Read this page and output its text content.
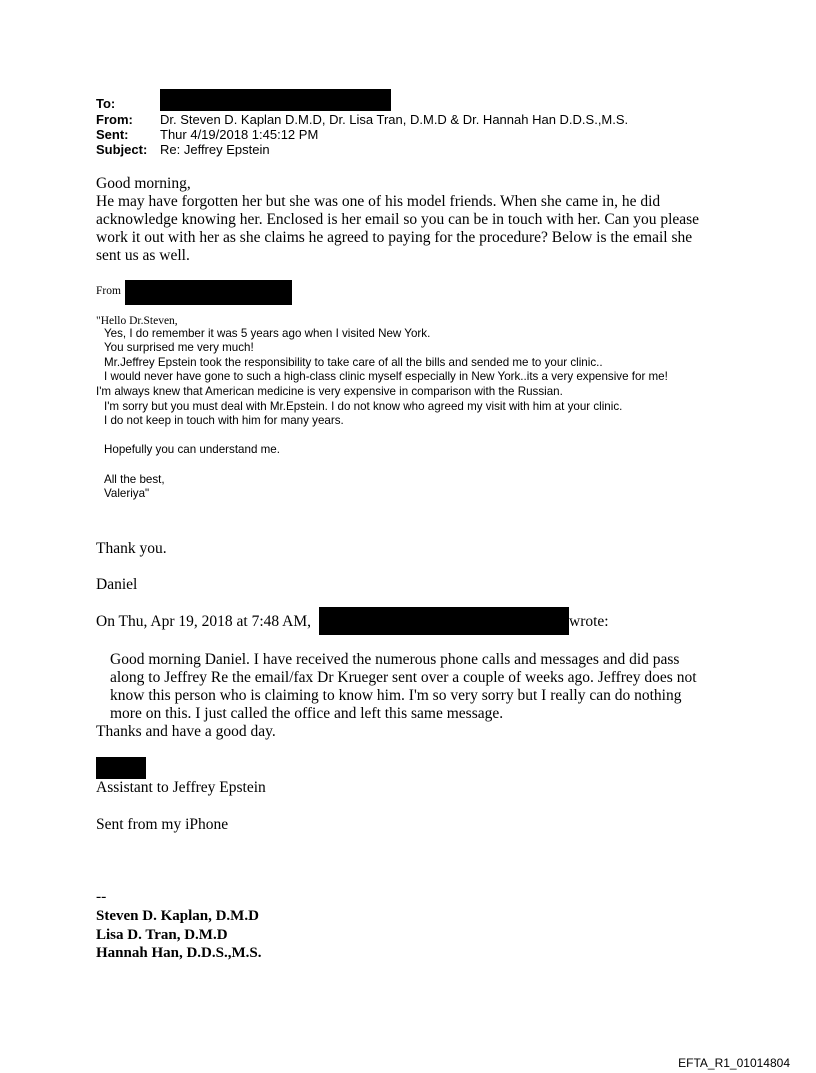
To:
From: Dr. Steven D. Kaplan D.M.D, Dr. Lisa Tran, D.M.D & Dr. Hannah Han D.D.S.,M.S.
Sent: Thur 4/19/2018 1:45:12 PM
Subject: Re: Jeffrey Epstein
Good morning,
He may have forgotten her but she was one of his model friends. When she came in, he did
acknowledge knowing her. Enclosed is her email so you can be in touch with her. Can you please
work it out with her as she claims he agreed to paying for the procedure? Below is the email she
sent us as well.
From
"Hello Dr.Steven,
Yes, I do remember it was 5 years ago when I visited New York.
You surprised me very much!
Mr.Jeffrey Epstein took the responsibility to take care of all the bills and sended me to your clinic..
I would never have gone to such a high-class clinic myself especially in New York..its a very expensive for me!
I'm always knew that American medicine is very expensive in comparison with the Russian.
I'm sorry but you must deal with Mr.Epstein. I do not know who agreed my visit with him at your clinic.
I do not keep in touch with him for many years.
Hopefully you can understand me.
All the best,
Valeriya"
Thank you.
Daniel
On Thu, Apr 19, 2018 at 7:48 AM,	wrote:
Good morning Daniel. I have received the numerous phone calls and messages and did pass
along to Jeffrey Re the email/fax Dr Krueger sent over a couple of weeks ago. Jeffrey does not
know this person who is claiming to know him. I'm so very sorry but I really can do nothing
more on this. I just called the office and left this same message.
Thanks and have a good day.
Assistant to Jeffrey Epstein
Sent from my iPhone
--
Steven D. Kaplan, D.M.D
Lisa D. Tran, D.M.D
Hannah Han, D.D.S.,M.S.
EFTA_R1_01014804
